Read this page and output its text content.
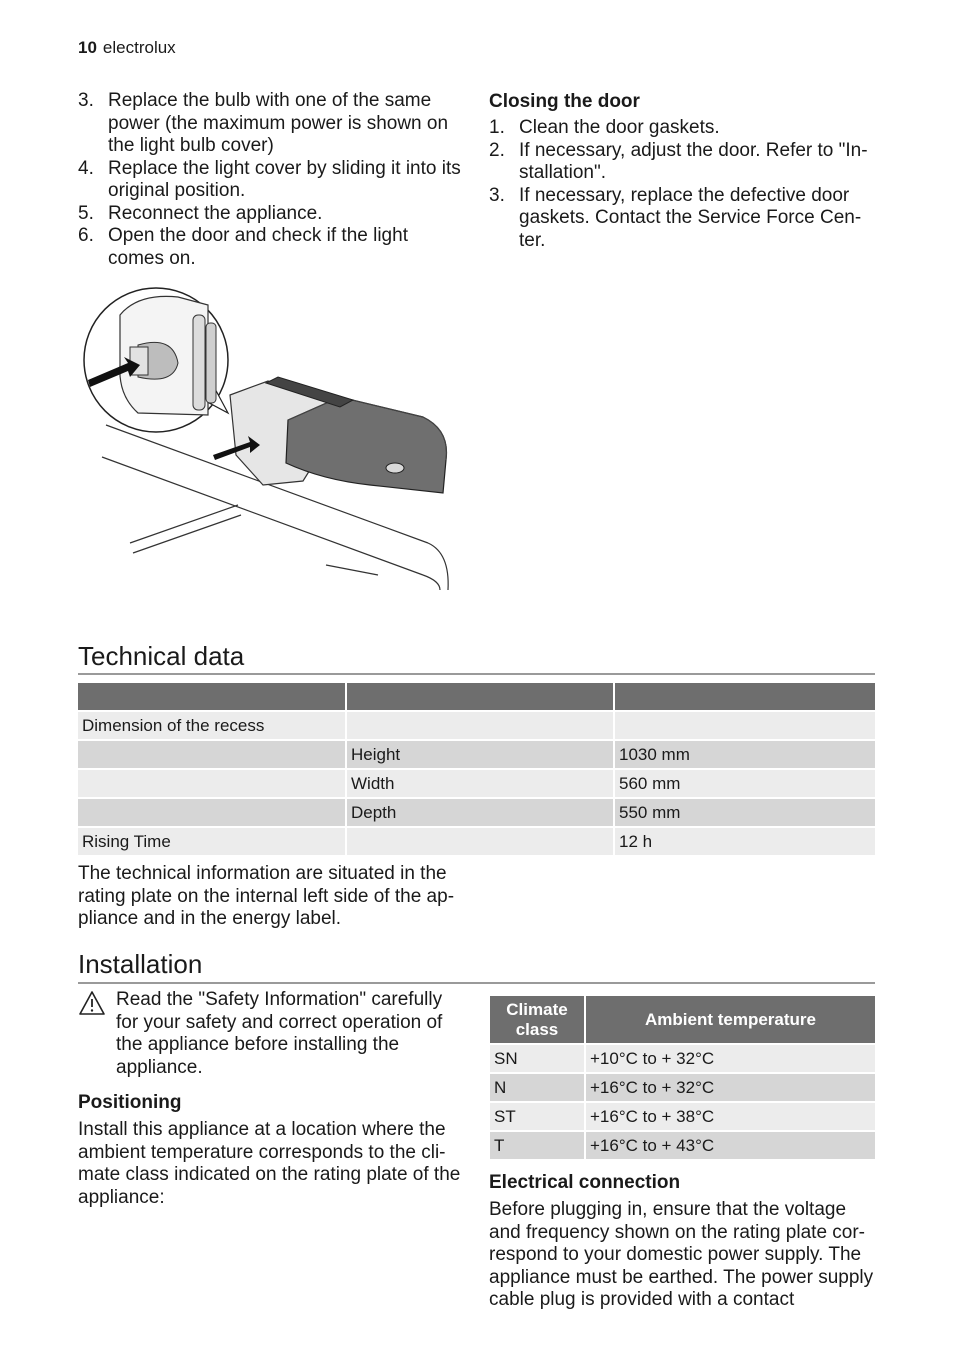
10 electrolux
3. Replace the bulb with one of the same power (the maximum power is shown on the light bulb cover)
4. Replace the light cover by sliding it into its original position.
5. Reconnect the appliance.
6. Open the door and check if the light comes on.
Closing the door
1. Clean the door gaskets.
2. If necessary, adjust the door. Refer to "In-stallation".
3. If necessary, replace the defective door gaskets. Contact the Service Force Cen-ter.
Technical data

Dimension of the recess		
	Height	1030 mm
	Width	560 mm
	Depth	550 mm
Rising Time		12 h
The technical information are situated in the rating plate on the internal left side of the ap-pliance and in the energy label.
Installation
Read the "Safety Information" carefully for your safety and correct operation of the appliance before installing the appliance.
Positioning
Install this appliance at a location where the ambient temperature corresponds to the cli-mate class indicated on the rating plate of the appliance:
Climate class	Ambient temperature
SN	+10°C to + 32°C
N	+16°C to + 32°C
ST	+16°C to + 38°C
T	+16°C to + 43°C
Electrical connection
Before plugging in, ensure that the voltage and frequency shown on the rating plate cor-respond to your domestic power supply. The appliance must be earthed. The power supply cable plug is provided with a contact
